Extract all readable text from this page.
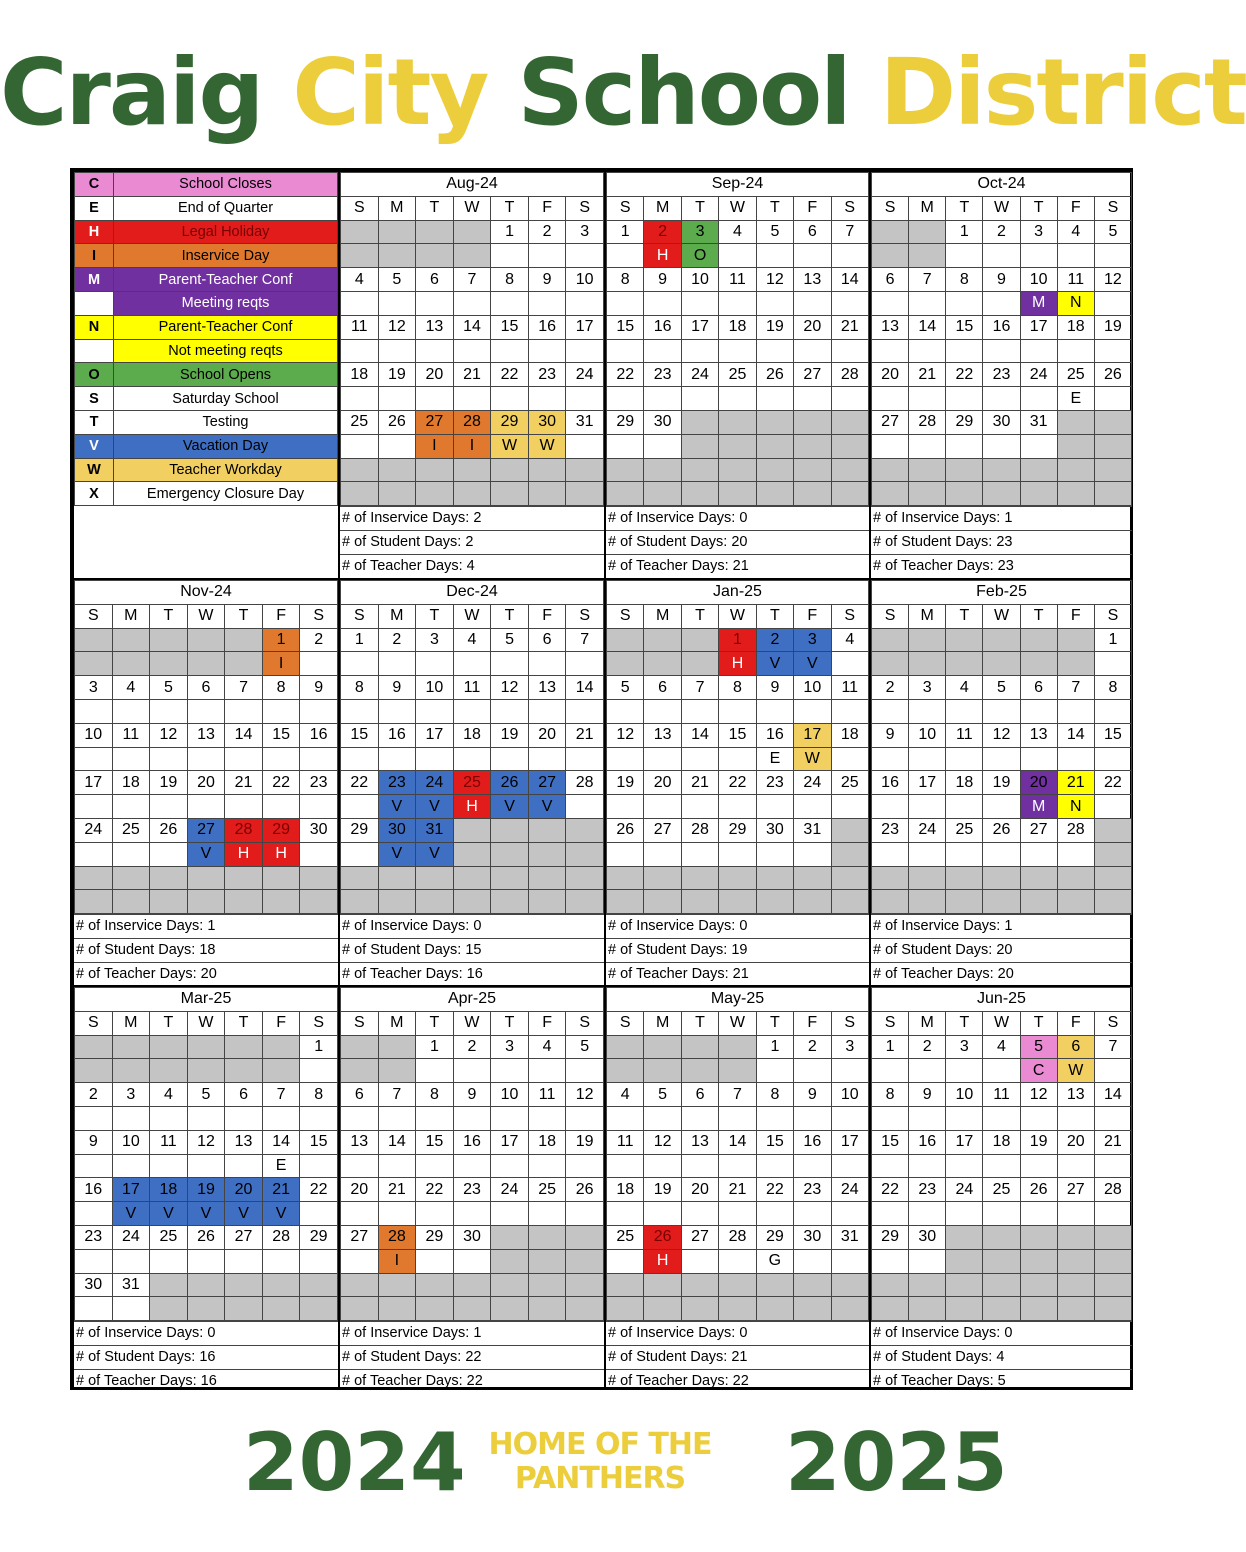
Craig City School District
C	School Closes
E	End of Quarter
H	Legal Holiday
I	Inservice Day
M	Parent-Teacher Conf
	Meeting reqts
N	Parent-Teacher Conf
	Not meeting reqts
O	School Opens
S	Saturday School
T	Testing
V	Vacation Day
W	Teacher Workday
X	Emergency Closure Day

Aug-24						
S	M	T	W	T	F	S
				1	2	3

4	5	6	7	8	9	10

11	12	13	14	15	16	17

18	19	20	21	22	23	24

25	26	27	28	29	30	31
		I	I	W	W	

# of Inservice Days: 2
# of Student Days: 2
# of Teacher Days: 4
Sep-24						
S	M	T	W	T	F	S
1	2	3	4	5	6	7
	H	O				
8	9	10	11	12	13	14

15	16	17	18	19	20	21

22	23	24	25	26	27	28

29	30					

# of Inservice Days: 0
# of Student Days: 20
# of Teacher Days: 21
Oct-24						
S	M	T	W	T	F	S
		1	2	3	4	5

6	7	8	9	10	11	12
				M	N	
13	14	15	16	17	18	19

20	21	22	23	24	25	26
					E	
27	28	29	30	31		

# of Inservice Days: 1
# of Student Days: 23
# of Teacher Days: 23
Nov-24						
S	M	T	W	T	F	S
					1	2
					I	
3	4	5	6	7	8	9

10	11	12	13	14	15	16

17	18	19	20	21	22	23

24	25	26	27	28	29	30
			V	H	H	

# of Inservice Days: 1
# of Student Days: 18
# of Teacher Days: 20
Dec-24						
S	M	T	W	T	F	S
1	2	3	4	5	6	7

8	9	10	11	12	13	14

15	16	17	18	19	20	21

22	23	24	25	26	27	28
	V	V	H	V	V	
29	30	31				
	V	V				

# of Inservice Days: 0
# of Student Days: 15
# of Teacher Days: 16
Jan-25						
S	M	T	W	T	F	S
			1	2	3	4
			H	V	V	
5	6	7	8	9	10	11

12	13	14	15	16	17	18
				E	W	
19	20	21	22	23	24	25

26	27	28	29	30	31	

# of Inservice Days: 0
# of Student Days: 19
# of Teacher Days: 21
Feb-25						
S	M	T	W	T	F	S
						1

2	3	4	5	6	7	8

9	10	11	12	13	14	15

16	17	18	19	20	21	22
				M	N	
23	24	25	26	27	28	

# of Inservice Days: 1
# of Student Days: 20
# of Teacher Days: 20
Mar-25						
S	M	T	W	T	F	S
						1

2	3	4	5	6	7	8

9	10	11	12	13	14	15
					E	
16	17	18	19	20	21	22
	V	V	V	V	V	
23	24	25	26	27	28	29

30	31					

# of Inservice Days: 0
# of Student Days: 16
# of Teacher Days: 16
Apr-25						
S	M	T	W	T	F	S
		1	2	3	4	5

6	7	8	9	10	11	12

13	14	15	16	17	18	19

20	21	22	23	24	25	26

27	28	29	30			
	I					

# of Inservice Days: 1
# of Student Days: 22
# of Teacher Days: 22
May-25						
S	M	T	W	T	F	S
				1	2	3

4	5	6	7	8	9	10

11	12	13	14	15	16	17

18	19	20	21	22	23	24

25	26	27	28	29	30	31
	H			G		

# of Inservice Days: 0
# of Student Days: 21
# of Teacher Days: 22
Jun-25						
S	M	T	W	T	F	S
1	2	3	4	5	6	7
				C	W	
8	9	10	11	12	13	14

15	16	17	18	19	20	21

22	23	24	25	26	27	28

29	30					

# of Inservice Days: 0
# of Student Days: 4
# of Teacher Days: 5
2024 HOME OF THE
PANTHERS	2025
